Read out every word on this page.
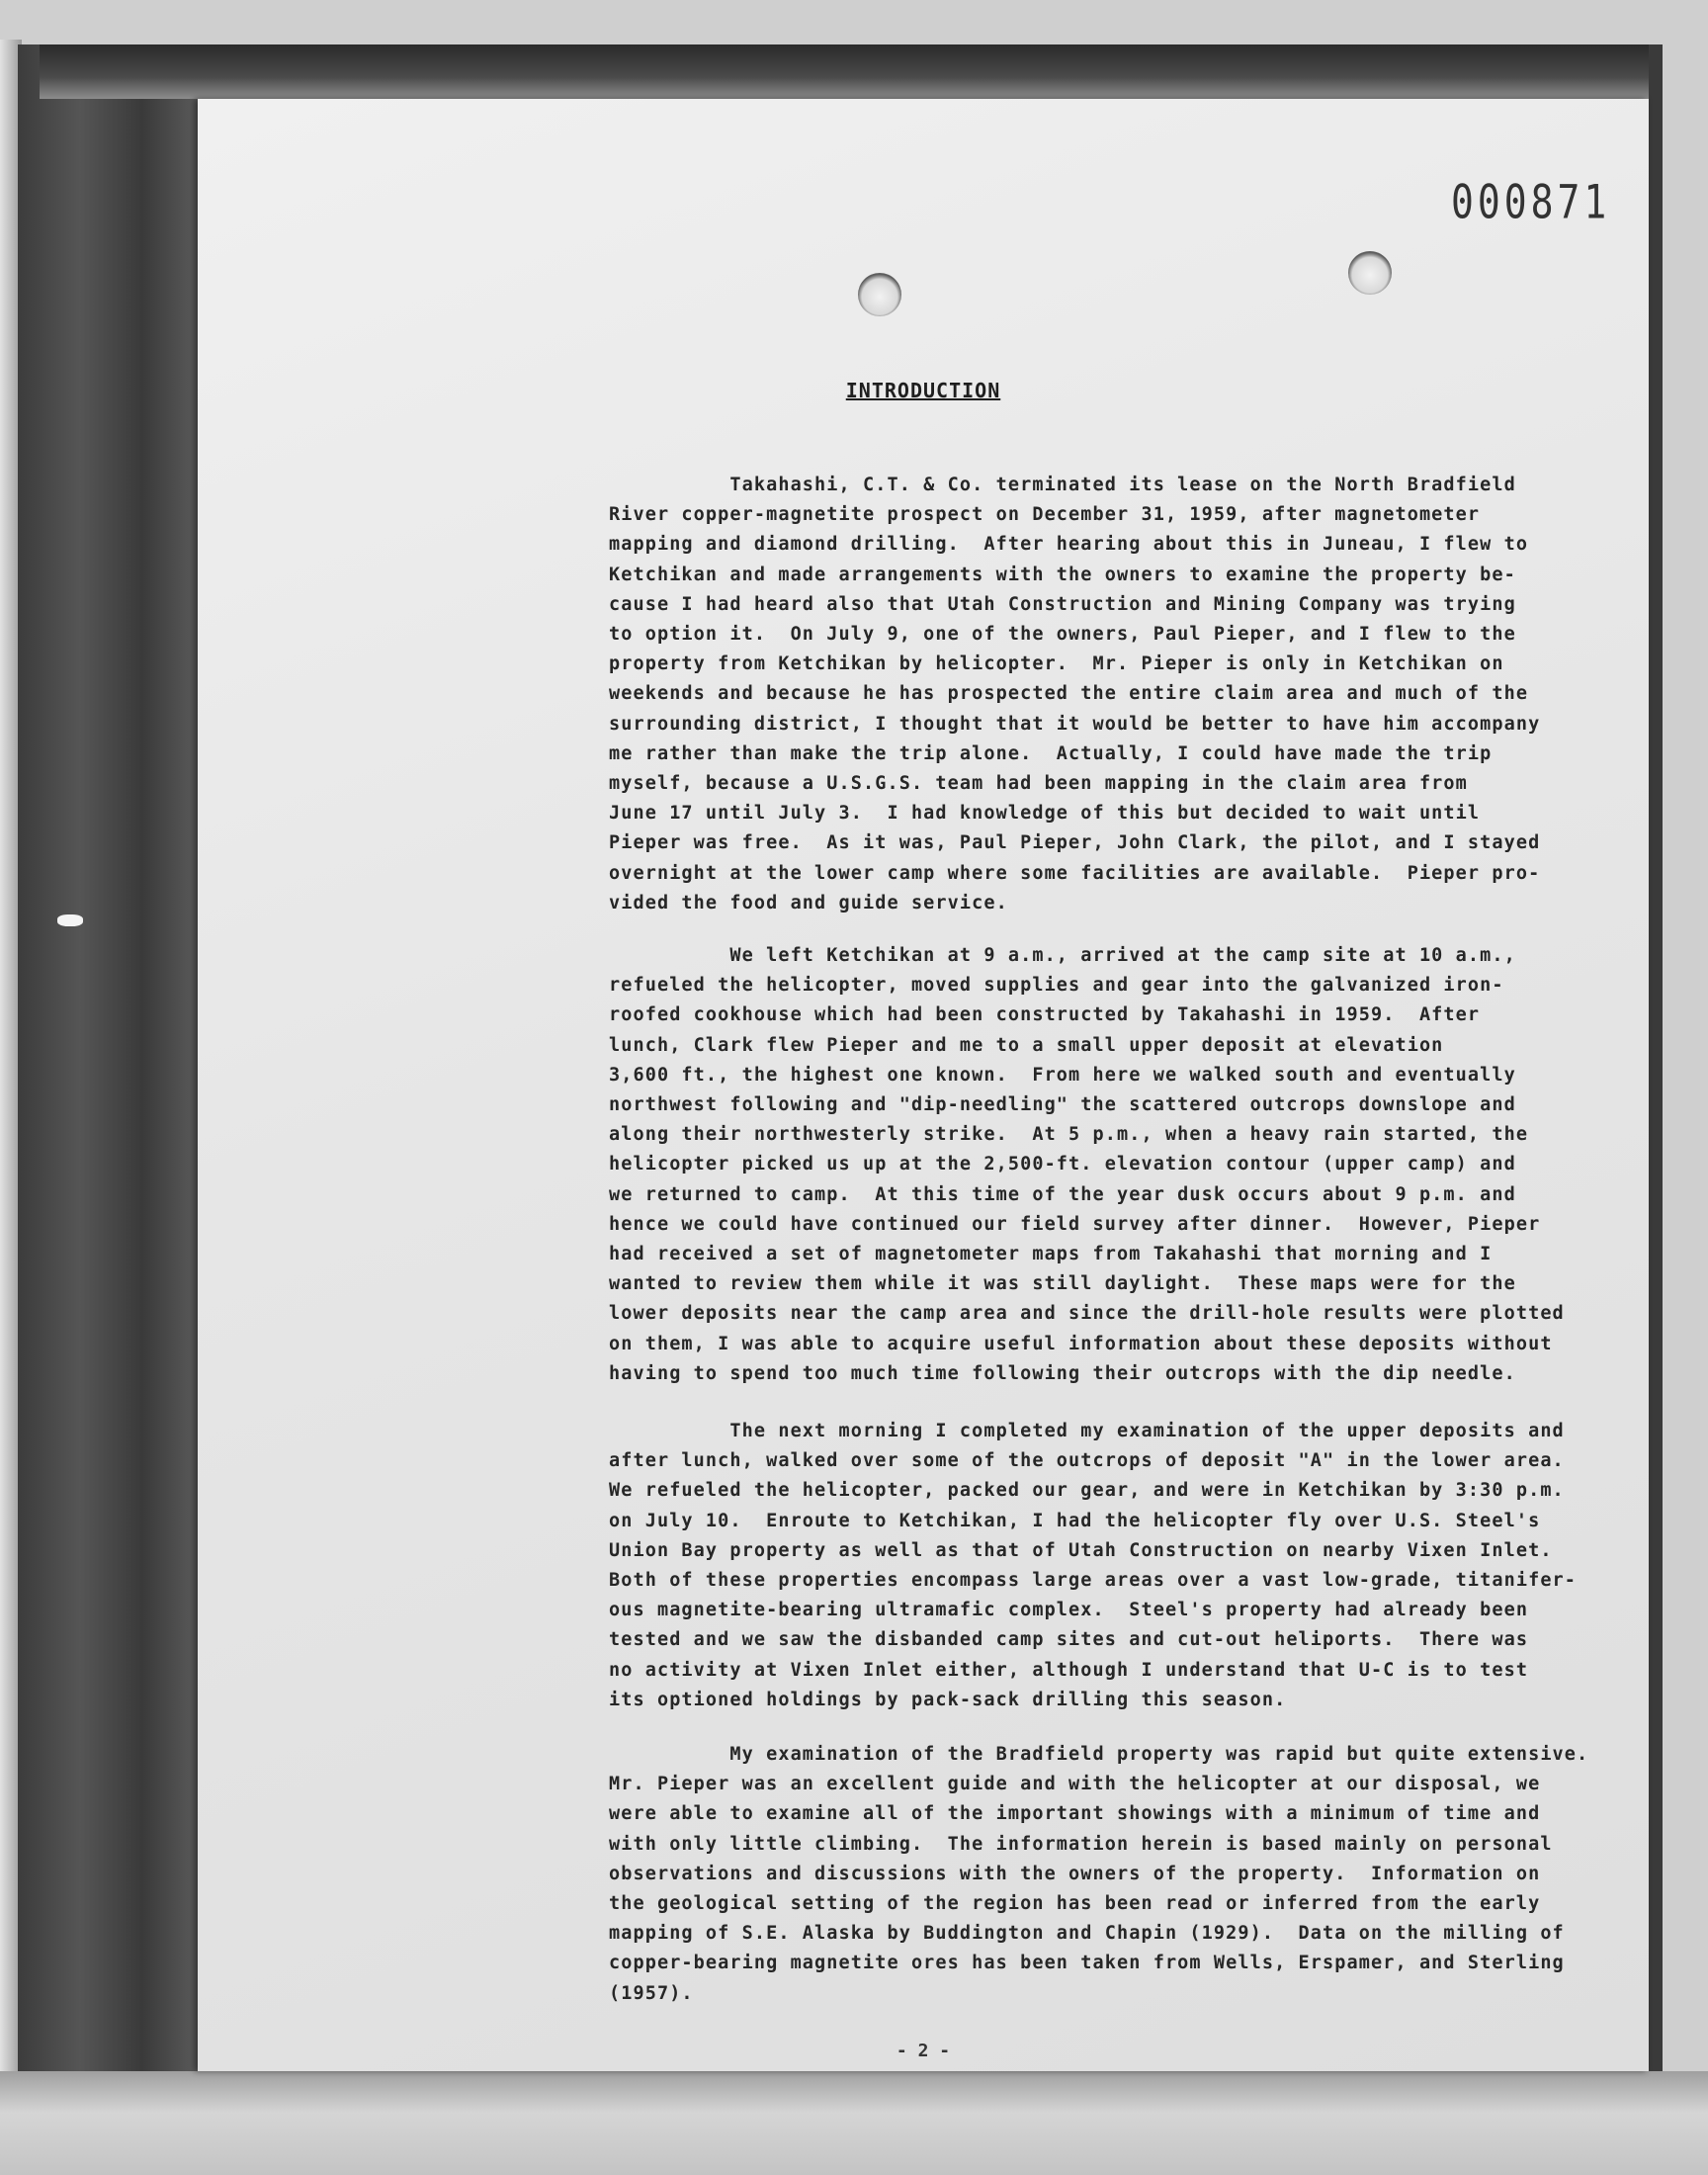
000871
INTRODUCTION
Takahashi, C.T. & Co. terminated its lease on the North Bradfield
River copper-magnetite prospect on December 31, 1959, after magnetometer
mapping and diamond drilling.  After hearing about this in Juneau, I flew to
Ketchikan and made arrangements with the owners to examine the property be-
cause I had heard also that Utah Construction and Mining Company was trying
to option it.  On July 9, one of the owners, Paul Pieper, and I flew to the
property from Ketchikan by helicopter.  Mr. Pieper is only in Ketchikan on
weekends and because he has prospected the entire claim area and much of the
surrounding district, I thought that it would be better to have him accompany
me rather than make the trip alone.  Actually, I could have made the trip
myself, because a U.S.G.S. team had been mapping in the claim area from
June 17 until July 3.  I had knowledge of this but decided to wait until
Pieper was free.  As it was, Paul Pieper, John Clark, the pilot, and I stayed
overnight at the lower camp where some facilities are available.  Pieper pro-
vided the food and guide service.
We left Ketchikan at 9 a.m., arrived at the camp site at 10 a.m.,
refueled the helicopter, moved supplies and gear into the galvanized iron-
roofed cookhouse which had been constructed by Takahashi in 1959.  After
lunch, Clark flew Pieper and me to a small upper deposit at elevation
3,600 ft., the highest one known.  From here we walked south and eventually
northwest following and "dip-needling" the scattered outcrops downslope and
along their northwesterly strike.  At 5 p.m., when a heavy rain started, the
helicopter picked us up at the 2,500-ft. elevation contour (upper camp) and
we returned to camp.  At this time of the year dusk occurs about 9 p.m. and
hence we could have continued our field survey after dinner.  However, Pieper
had received a set of magnetometer maps from Takahashi that morning and I
wanted to review them while it was still daylight.  These maps were for the
lower deposits near the camp area and since the drill-hole results were plotted
on them, I was able to acquire useful information about these deposits without
having to spend too much time following their outcrops with the dip needle.
The next morning I completed my examination of the upper deposits and
after lunch, walked over some of the outcrops of deposit "A" in the lower area.
We refueled the helicopter, packed our gear, and were in Ketchikan by 3:30 p.m.
on July 10.  Enroute to Ketchikan, I had the helicopter fly over U.S. Steel's
Union Bay property as well as that of Utah Construction on nearby Vixen Inlet.
Both of these properties encompass large areas over a vast low-grade, titanifer-
ous magnetite-bearing ultramafic complex.  Steel's property had already been
tested and we saw the disbanded camp sites and cut-out heliports.  There was
no activity at Vixen Inlet either, although I understand that U-C is to test
its optioned holdings by pack-sack drilling this season.
My examination of the Bradfield property was rapid but quite extensive.
Mr. Pieper was an excellent guide and with the helicopter at our disposal, we
were able to examine all of the important showings with a minimum of time and
with only little climbing.  The information herein is based mainly on personal
observations and discussions with the owners of the property.  Information on
the geological setting of the region has been read or inferred from the early
mapping of S.E. Alaska by Buddington and Chapin (1929).  Data on the milling of
copper-bearing magnetite ores has been taken from Wells, Erspamer, and Sterling
(1957).
- 2 -
